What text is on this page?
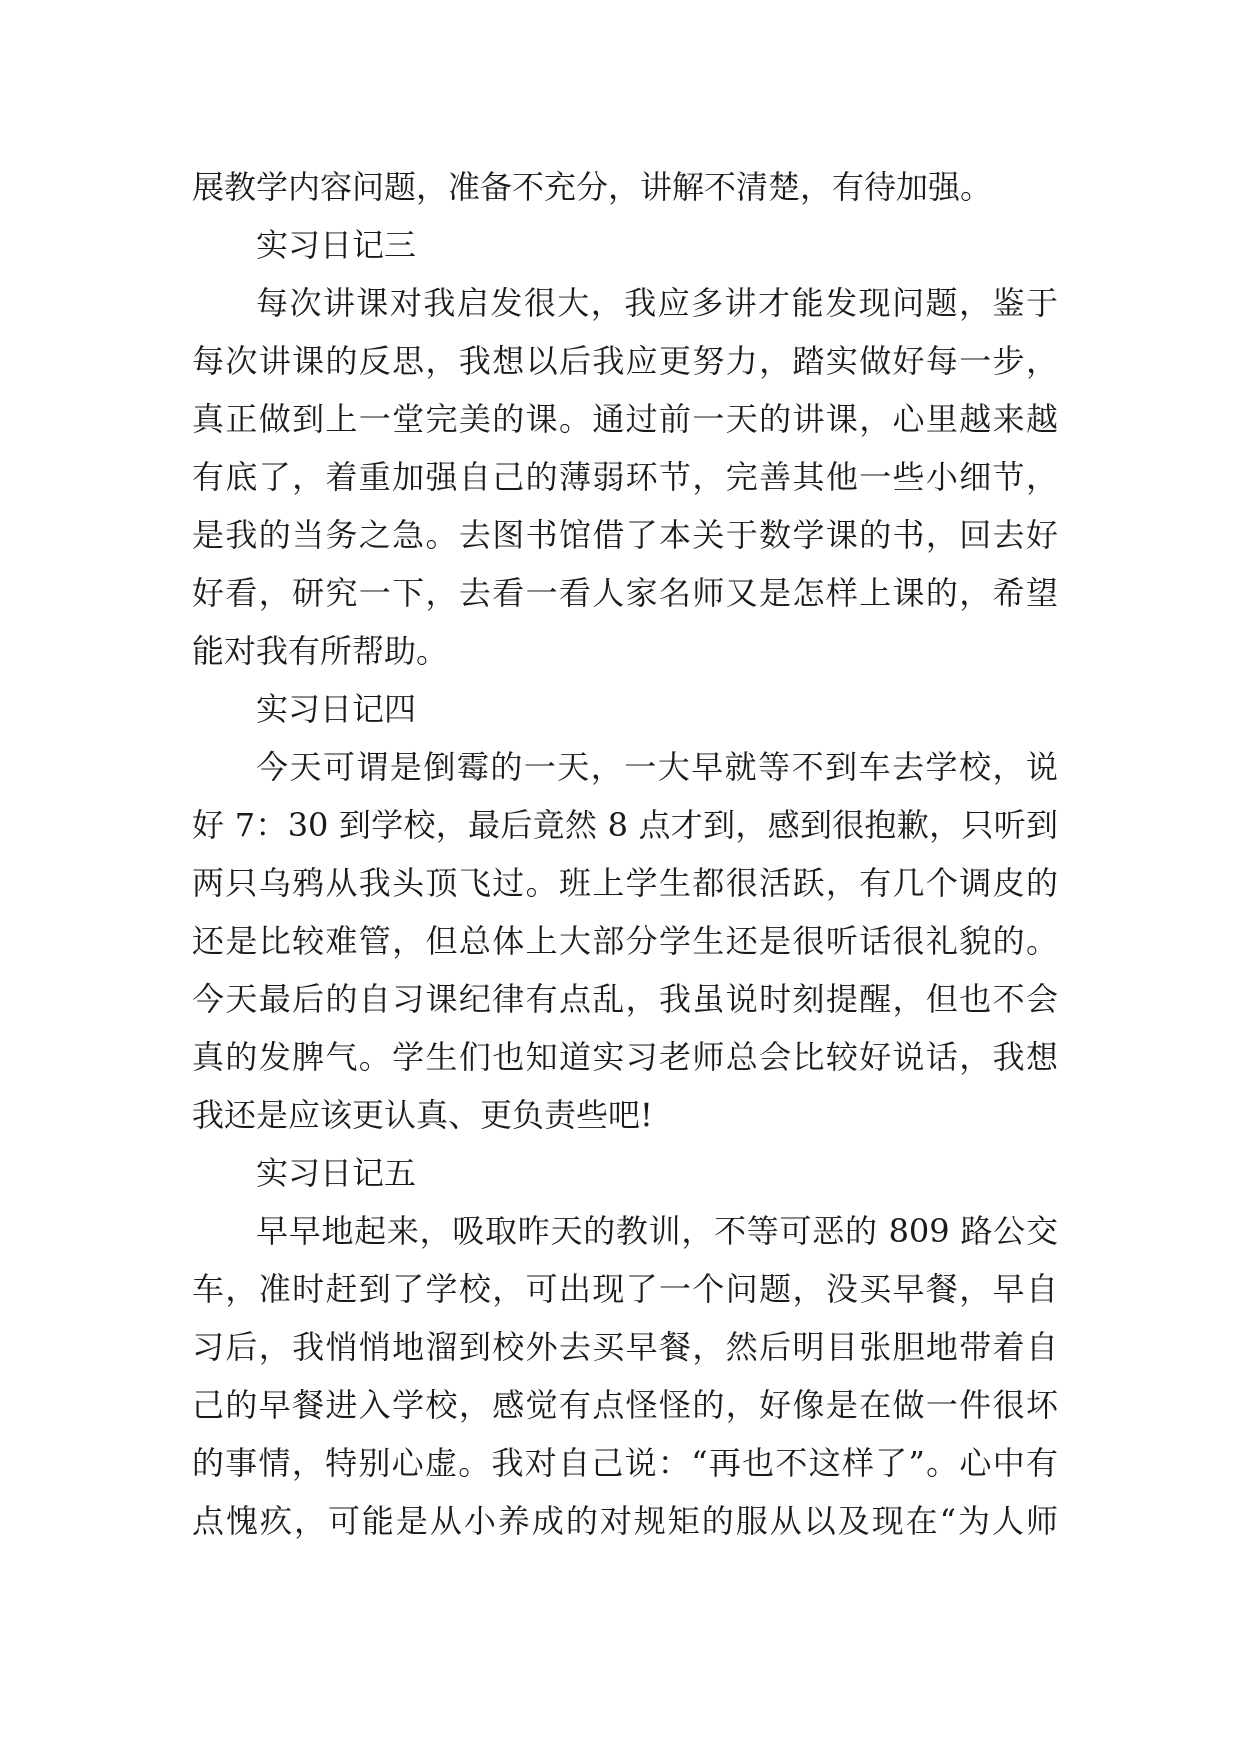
展教学内容问题，准备不充分，讲解不清楚，有待加强。
实习日记三
每次讲课对我启发很大，我应多讲才能发现问题，鉴于
每次讲课的反思，我想以后我应更努力，踏实做好每一步，
真正做到上一堂完美的课。通过前一天的讲课，心里越来越
有底了，着重加强自己的薄弱环节，完善其他一些小细节，
是我的当务之急。去图书馆借了本关于数学课的书，回去好
好看，研究一下，去看一看人家名师又是怎样上课的，希望
能对我有所帮助。
实习日记四
今天可谓是倒霉的一天，一大早就等不到车去学校，说
好 7：30 到学校，最后竟然 8 点才到，感到很抱歉，只听到
两只乌鸦从我头顶飞过。班上学生都很活跃，有几个调皮的
还是比较难管，但总体上大部分学生还是很听话很礼貌的。
今天最后的自习课纪律有点乱，我虽说时刻提醒，但也不会
真的发脾气。学生们也知道实习老师总会比较好说话，我想
我还是应该更认真、更负责些吧!
实习日记五
早早地起来，吸取昨天的教训，不等可恶的 809 路公交
车，准时赶到了学校，可出现了一个问题，没买早餐，早自
习后，我悄悄地溜到校外去买早餐，然后明目张胆地带着自
己的早餐进入学校，感觉有点怪怪的，好像是在做一件很坏
的事情，特别心虚。我对自己说：“再也不这样了”。心中有
点愧疚，可能是从小养成的对规矩的服从以及现在“为人师
